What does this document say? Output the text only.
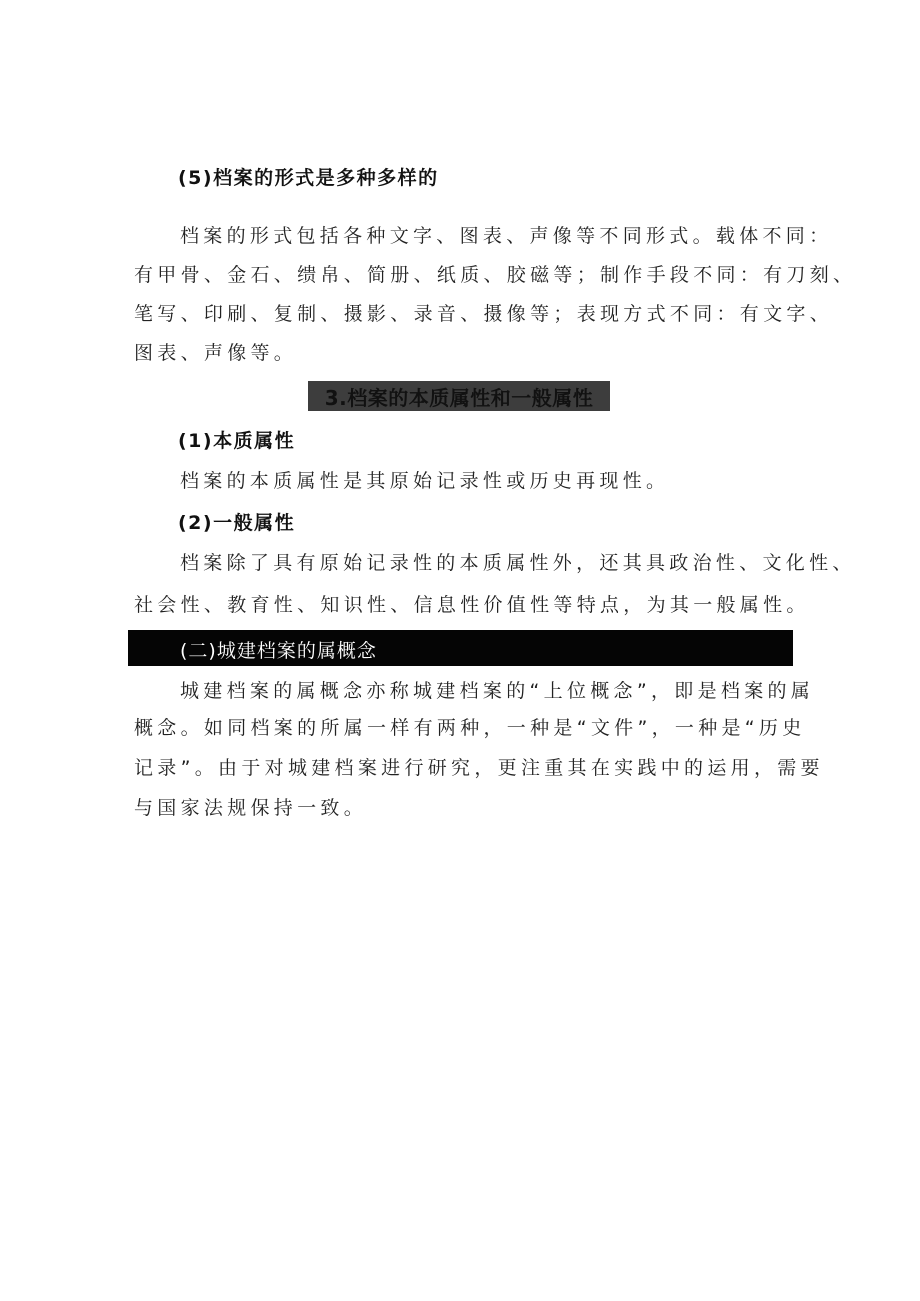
(5)档案的形式是多种多样的
档案的形式包括各种文字、图表、声像等不同形式。载体不同：
有甲骨、金石、缋帛、简册、纸质、胶磁等；制作手段不同：有刀刻、
笔写、印刷、复制、摄影、录音、摄像等；表现方式不同：有文字、
图表、声像等。
3.档案的本质属性和一般属性
(1)本质属性
档案的本质属性是其原始记录性或历史再现性。
(2)一般属性
档案除了具有原始记录性的本质属性外，还其具政治性、文化性、
社会性、教育性、知识性、信息性价值性等特点，为其一般属性。
(二)城建档案的属概念
城建档案的属概念亦称城建档案的“上位概念”，即是档案的属
概念。如同档案的所属一样有两种，一种是“文件”，一种是“历史
记录”。由于对城建档案进行研究，更注重其在实践中的运用，需要
与国家法规保持一致。
